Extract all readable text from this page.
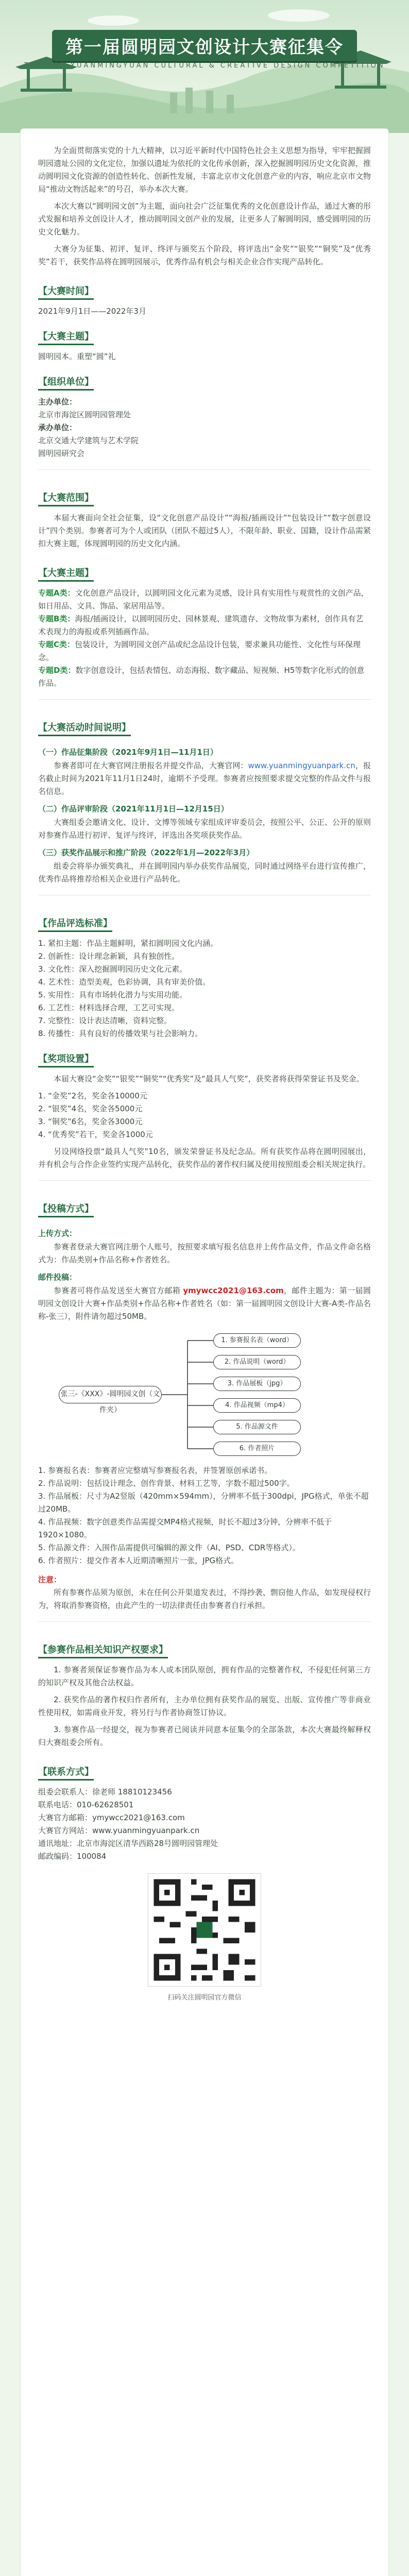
第一届圆明园文创设计大赛征集令
THE 1ST YUANMINGYUAN CULTURAL & CREATIVE DESIGN COMPETITION

为全面贯彻落实党的十九大精神，以习近平新时代中国特色社会主义思想为指导，牢牢把握圆明园遗址公园的文化定位，加强以遗址为依托的文化传承创新，深入挖掘圆明园历史文化资源，推动圆明园文化资源的创造性转化、创新性发展，丰富北京市文化创意产业的内容，响应北京市文物局“推动文物活起来”的号召，举办本次大赛。

本次大赛以“圆明园文创”为主题，面向社会广泛征集优秀的文化创意设计作品，通过大赛的形式发掘和培养文创设计人才，推动圆明园文创产业的发展，让更多人了解圆明园，感受圆明园的历史文化魅力。

大赛分为征集、初评、复评、终评与颁奖五个阶段，将评选出“金奖”“银奖”“铜奖”及“优秀奖”若干，获奖作品将在圆明园展示，优秀作品有机会与相关企业合作实现产品转化。

【大赛时间】
2021年9月1日——2022年3月
【大赛主题】
圆明园本。重塑“圆”礼
【组织单位】
主办单位：
北京市海淀区圆明园管理处
承办单位：
北京交通大学建筑与艺术学院
圆明园研究会
【大赛范围】

本届大赛面向全社会征集，设“文化创意产品设计”“海报/插画设计”“包装设计”“数字创意设计”四个类别。参赛者可为个人或团队（团队不超过5人），不限年龄、职业、国籍，设计作品需紧扣大赛主题，体现圆明园的历史文化内涵。

【大赛主题】
专题A类：文化创意产品设计，以圆明园文化元素为灵感，设计具有实用性与观赏性的文创产品，如日用品、文具、饰品、家居用品等。
专题B类：海报/插画设计，以圆明园历史、园林景观、建筑遗存、文物故事为素材，创作具有艺术表现力的海报或系列插画作品。
专题C类：包装设计，为圆明园文创产品或纪念品设计包装，要求兼具功能性、文化性与环保理念。
专题D类：数字创意设计，包括表情包、动态海报、数字藏品、短视频、H5等数字化形式的创意作品。
【大赛活动时间说明】
（一）作品征集阶段（2021年9月1日—11月1日）

参赛者即可在大赛官网注册报名并提交作品，大赛官网：www.yuanmingyuanpark.cn，报名截止时间为2021年11月1日24时，逾期不予受理。参赛者应按照要求提交完整的作品文件与报名信息。

（二）作品评审阶段（2021年11月1日—12月15日）

大赛组委会邀请文化、设计、文博等领域专家组成评审委员会，按照公平、公正、公开的原则对参赛作品进行初评、复评与终评，评选出各奖项获奖作品。

（三）获奖作品展示和推广阶段（2022年1月—2022年3月）

组委会将举办颁奖典礼，并在圆明园内举办获奖作品展览，同时通过网络平台进行宣传推广，优秀作品将推荐给相关企业进行产品转化。

【作品评选标准】
1. 紧扣主题：作品主题鲜明，紧扣圆明园文化内涵。
2. 创新性：设计理念新颖，具有独创性。
3. 文化性：深入挖掘圆明园历史文化元素。
4. 艺术性：造型美观，色彩协调，具有审美价值。
5. 实用性：具有市场转化潜力与实用功能。
6. 工艺性：材料选择合理，工艺可实现。
7. 完整性：设计表达清晰，资料完整。
8. 传播性：具有良好的传播效果与社会影响力。
【奖项设置】

本届大赛设“金奖”“银奖”“铜奖”“优秀奖”及“最具人气奖”，获奖者将获得荣誉证书及奖金。

1. “金奖”2名，奖金各10000元
2. “银奖”4名，奖金各5000元
3. “铜奖”6名，奖金各3000元
4. “优秀奖”若干，奖金各1000元

另设网络投票“最具人气奖”10名，颁发荣誉证书及纪念品。所有获奖作品将在圆明园展出，并有机会与合作企业签约实现产品转化，获奖作品的著作权归属及使用按照组委会相关规定执行。

【投稿方式】
上传方式：

参赛者登录大赛官网注册个人账号，按照要求填写报名信息并上传作品文件，作品文件命名格式为：作品类别+作品名称+作者姓名。

邮件投稿：

参赛者可将作品发送至大赛官方邮箱 ymywcc2021@163.com，邮件主题为：第一届圆明园文创设计大赛+作品类别+作品名称+作者姓名（如：第一届圆明园文创设计大赛-A类-作品名称-张三），附件请勿超过50MB。

张三-《XXX》-圆明园文创（文件夹）
1. 参赛报名表（word）
2. 作品说明（word）
3. 作品展板（jpg）
4. 作品视频（mp4）
5. 作品源文件
6. 作者照片
1. 参赛报名表：参赛者应完整填写参赛报名表，并签署原创承诺书。
2. 作品说明：包括设计理念、创作背景、材料工艺等，字数不超过500字。
3. 作品展板：尺寸为A2竖版（420mm×594mm），分辨率不低于300dpi，JPG格式，单张不超过20MB。
4. 作品视频：数字创意类作品需提交MP4格式视频，时长不超过3分钟，分辨率不低于1920×1080。
5. 作品源文件：入围作品需提供可编辑的源文件（AI、PSD、CDR等格式）。
6. 作者照片：提交作者本人近期清晰照片一张，JPG格式。
注意：

所有参赛作品须为原创，未在任何公开渠道发表过，不得抄袭、剽窃他人作品，如发现侵权行为，将取消参赛资格，由此产生的一切法律责任由参赛者自行承担。

【参赛作品相关知识产权要求】

1. 参赛者须保证参赛作品为本人或本团队原创，拥有作品的完整著作权，不侵犯任何第三方的知识产权及其他合法权益。

2. 获奖作品的著作权归作者所有，主办单位拥有获奖作品的展览、出版、宣传推广等非商业性使用权，如需商业开发，将另行与作者协商签订协议。

3. 参赛作品一经提交，视为参赛者已阅读并同意本征集令的全部条款，本次大赛最终解释权归大赛组委会所有。

【联系方式】
组委会联系人：徐老师 18810123456
联系电话：010-62628501
大赛官方邮箱：ymywcc2021@163.com
大赛官方网站：www.yuanmingyuanpark.cn
通讯地址：北京市海淀区清华西路28号圆明园管理处
邮政编码：100084
扫码关注圆明园官方微信
